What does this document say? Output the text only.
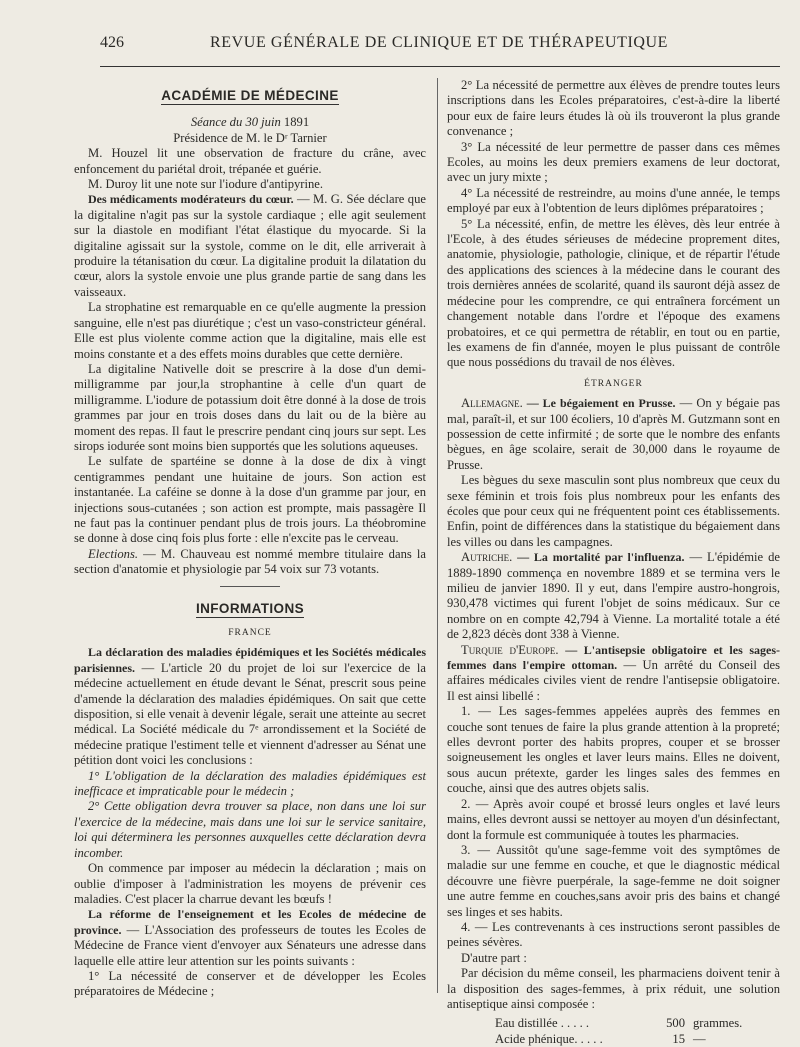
426	REVUE GÉNÉRALE DE CLINIQUE ET DE THÉRAPEUTIQUE
ACADÉMIE DE MÉDECINE

Séance du 30 juin 1891

Présidence de M. le Dʳ Tarnier

M. Houzel lit une observation de fracture du crâne, avec enfoncement du pariétal droit, trépanée et guérie.

M. Duroy lit une note sur l'iodure d'antipyrine.

Des médicaments modérateurs du cœur. — M. G. Sée déclare que la digitaline n'agit pas sur la systole cardiaque ; elle agit seulement sur la diastole en modifiant l'état élastique du myocarde. Si la digitaline agissait sur la systole, comme on le dit, elle arriverait à produire la tétanisation du cœur. La digitaline produit la dilatation du cœur, alors la systole envoie une plus grande partie de sang dans les vaisseaux.

La strophatine est remarquable en ce qu'elle augmente la pression sanguine, elle n'est pas diurétique ; c'est un vaso-constricteur général. Elle est plus violente comme action que la digitaline, mais elle est moins constante et a des effets moins durables que cette dernière.

La digitaline Nativelle doit se prescrire à la dose d'un demi-milligramme par jour,la strophantine à celle d'un quart de milligramme. L'iodure de potassium doit être donné à la dose de trois grammes par jour en trois doses dans du lait ou de la bière au moment des repas. Il faut le prescrire pendant cinq jours sur sept. Les sirops iodurée sont moins bien supportés que les solutions aqueuses.

Le sulfate de spartéine se donne à la dose de dix à vingt centigrammes pendant une huitaine de jours. Son action est instantanée. La caféine se donne à la dose d'un gramme par jour, en injections sous-cutanées ; son action est prompte, mais passagère Il ne faut pas la continuer pendant plus de trois jours. La théobromine se donne à dose cinq fois plus forte : elle n'excite pas le cerveau.

Elections. — M. Chauveau est nommé membre titulaire dans la section d'anatomie et physiologie par 54 voix sur 73 votants.

INFORMATIONS
FRANCE

La déclaration des maladies épidémiques et les Sociétés médicales parisiennes. — L'article 20 du projet de loi sur l'exercice de la médecine actuellement en étude devant le Sénat, prescrit sous peine d'amende la déclaration des maladies épidémiques. On sait que cette disposition, si elle venait à devenir légale, serait une atteinte au secret médical. La Société médicale du 7ᵉ arrondissement et la Société de médecine pratique l'estiment telle et viennent d'adresser au Sénat une pétition dont voici les conclusions :

1° L'obligation de la déclaration des maladies épidémiques est inefficace et impraticable pour le médecin ;

2° Cette obligation devra trouver sa place, non dans une loi sur l'exercice de la médecine, mais dans une loi sur le service sanitaire, loi qui déterminera les personnes auxquelles cette déclaration devra incomber.

On commence par imposer au médecin la déclaration ; mais on oublie d'imposer à l'administration les moyens de prévenir ces maladies. C'est placer la charrue devant les bœufs !

La réforme de l'enseignement et les Ecoles de médecine de province. — L'Association des professeurs de toutes les Ecoles de Médecine de France vient d'envoyer aux Sénateurs une adresse dans laquelle elle attire leur attention sur les points suivants :

1° La nécessité de conserver et de développer les Ecoles préparatoires de Médecine ;

2° La nécessité de permettre aux élèves de prendre toutes leurs inscriptions dans les Ecoles préparatoires, c'est-à-dire la liberté pour eux de faire leurs études là où ils trouveront la plus grande convenance ;

3° La nécessité de leur permettre de passer dans ces mêmes Ecoles, au moins les deux premiers examens de leur doctorat, avec un jury mixte ;

4° La nécessité de restreindre, au moins d'une année, le temps employé par eux à l'obtention de leurs diplômes préparatoires ;

5° La nécessité, enfin, de mettre les élèves, dès leur entrée à l'Ecole, à des études sérieuses de médecine proprement dites, anatomie, physiologie, pathologie, clinique, et de répartir l'étude des applications des sciences à la médecine dans le courant des trois dernières années de scolarité, quand ils sauront déjà assez de médecine pour les comprendre, ce qui entraînera forcément un changement notable dans l'ordre et l'époque des examens probatoires, et ce qui permettra de rétablir, en tout ou en partie, les examens de fin d'année, moyen le plus puissant de contrôle que nous possédions du travail de nos élèves.

ÉTRANGER

Allemagne. — Le bégaiement en Prusse. — On y bégaie pas mal, paraît-il, et sur 100 écoliers, 10 d'après M. Gutzmann sont en possession de cette infirmité ; de sorte que le nombre des enfants bègues, en âge scolaire, serait de 30,000 dans le royaume de Prusse.

Les bègues du sexe masculin sont plus nombreux que ceux du sexe féminin et trois fois plus nombreux pour les enfants des écoles que pour ceux qui ne fréquentent point ces établissements. Enfin, point de différences dans la statistique du bégaiement dans les villes ou dans les campagnes.

Autriche. — La mortalité par l'influenza. — L'épidémie de 1889-1890 commença en novembre 1889 et se termina vers le milieu de janvier 1890. Il y eut, dans l'empire austro-hongrois, 930,478 victimes qui furent l'objet de soins médicaux. Sur ce nombre on en compte 42,794 à Vienne. La mortalité totale a été de 2,823 décès dont 338 à Vienne.

Turquie d'Europe. — L'antisepsie obligatoire et les sages-femmes dans l'empire ottoman. — Un arrêté du Conseil des affaires médicales civiles vient de rendre l'antisepsie obligatoire. Il est ainsi libellé :

1. — Les sages-femmes appelées auprès des femmes en couche sont tenues de faire la plus grande attention à la propreté; elles devront porter des habits propres, couper et se brosser soigneusement les ongles et laver leurs mains. Elles ne doivent, sous aucun prétexte, garder les linges sales des femmes en couche, ainsi que des autres objets salis.

2. — Après avoir coupé et brossé leurs ongles et lavé leurs mains, elles devront aussi se nettoyer au moyen d'un désinfectant, dont la formule est communiquée à toutes les pharmacies.

3. — Aussitôt qu'une sage-femme voit des symptômes de maladie sur une femme en couche, et que le diagnostic médical découvre une fièvre puerpérale, la sage-femme ne doit soigner une autre femme en couches,sans avoir pris des bains et changé ses linges et ses habits.

4. — Les contrevenants à ces instructions seront passibles de peines sévères.

D'autre part :

Par décision du même conseil, les pharmaciens doivent tenir à la disposition des sages-femmes, à prix réduit, une solution antiseptique ainsi composée :

Eau distillée . . . . .	500 grammes.
Acide phénique. . . . .	15 —
